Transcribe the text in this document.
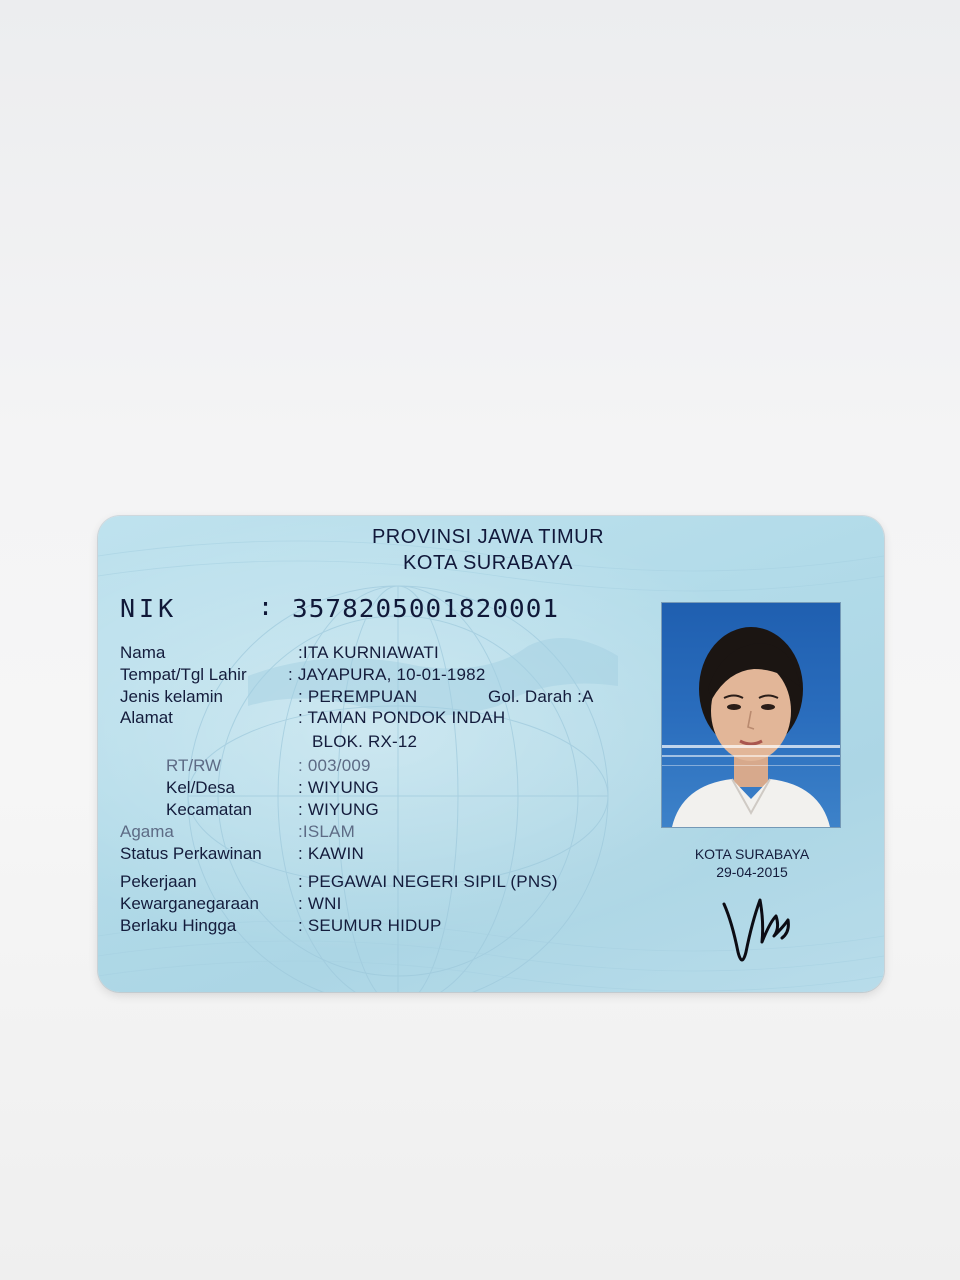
PROVINSI JAWA TIMUR
KOTA SURABAYA
NIK	: 3578205001820001
Nama
Tempat/Tgl Lahir
Jenis kelamin
Alamat
RT/RW
Kel/Desa
Kecamatan
Agama
Status Perkawinan
Pekerjaan
Kewarganegaraan
Berlaku Hingga
:ITA KURNIAWATI
: JAYAPURA, 10-01-1982
: PEREMPUAN	Gol. Darah :A
: TAMAN PONDOK INDAH
BLOK. RX-12
: 003/009
: WIYUNG
: WIYUNG
:ISLAM
: KAWIN
: PEGAWAI NEGERI SIPIL (PNS)
: WNI
: SEUMUR HIDUP
KOTA SURABAYA
29-04-2015
